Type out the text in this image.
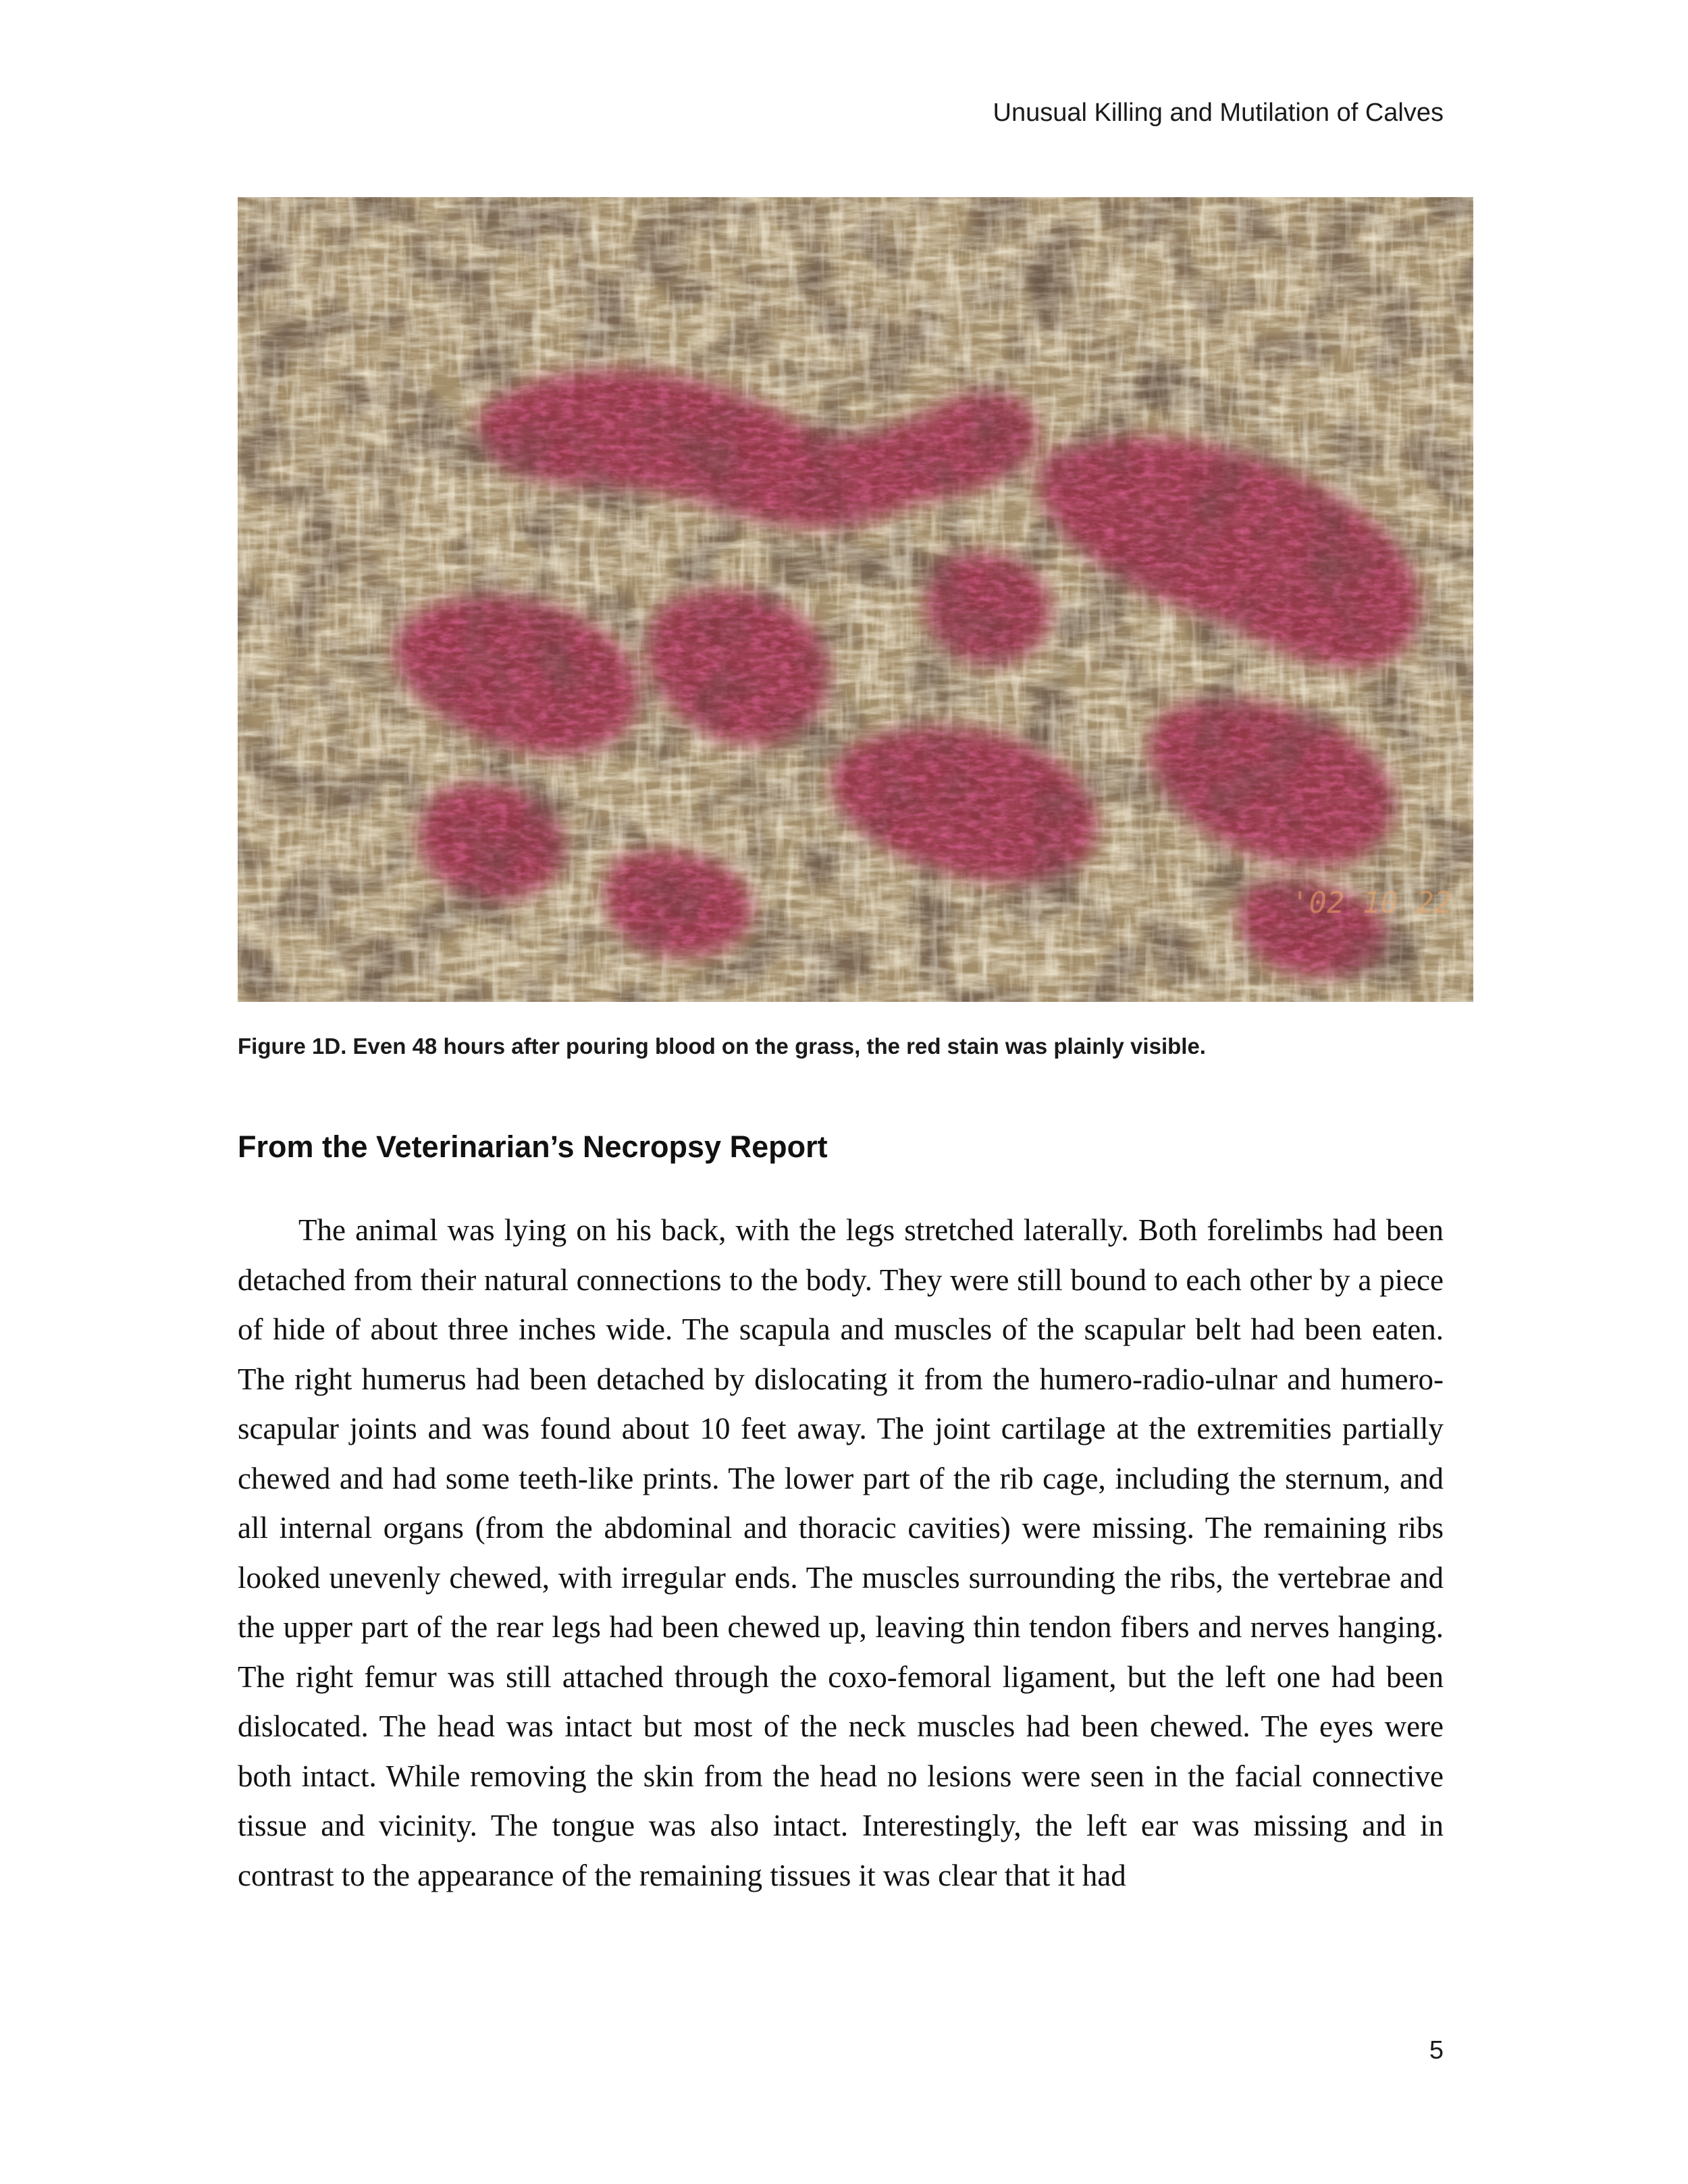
Unusual Killing and Mutilation of Calves
'02 10 22
Figure 1D. Even 48 hours after pouring blood on the grass, the red stain was plainly visible.
From the Veterinarian’s Necropsy Report

The animal was lying on his back, with the legs stretched laterally. Both forelimbs had been detached from their natural connections to the body. They were still bound to each other by a piece of hide of about three inches wide. The scapula and muscles of the scapular belt had been eaten. The right humerus had been detached by dislocating it from the humero-radio-ulnar and humero-scapular joints and was found about 10 feet away. The joint cartilage at the extremities partially chewed and had some teeth-like prints. The lower part of the rib cage, including the sternum, and all internal organs (from the abdominal and thoracic cavities) were missing. The remaining ribs looked unevenly chewed, with irregular ends. The muscles surrounding the ribs, the vertebrae and the upper part of the rear legs had been chewed up, leaving thin tendon fibers and nerves hanging. The right femur was still attached through the coxo-femoral ligament, but the left one had been dislocated. The head was intact but most of the neck muscles had been chewed. The eyes were both intact. While removing the skin from the head no lesions were seen in the facial connective tissue and vicinity. The tongue was also intact. Interestingly, the left ear was missing and in contrast to the appearance of the remaining tissues it was clear that it had

5
